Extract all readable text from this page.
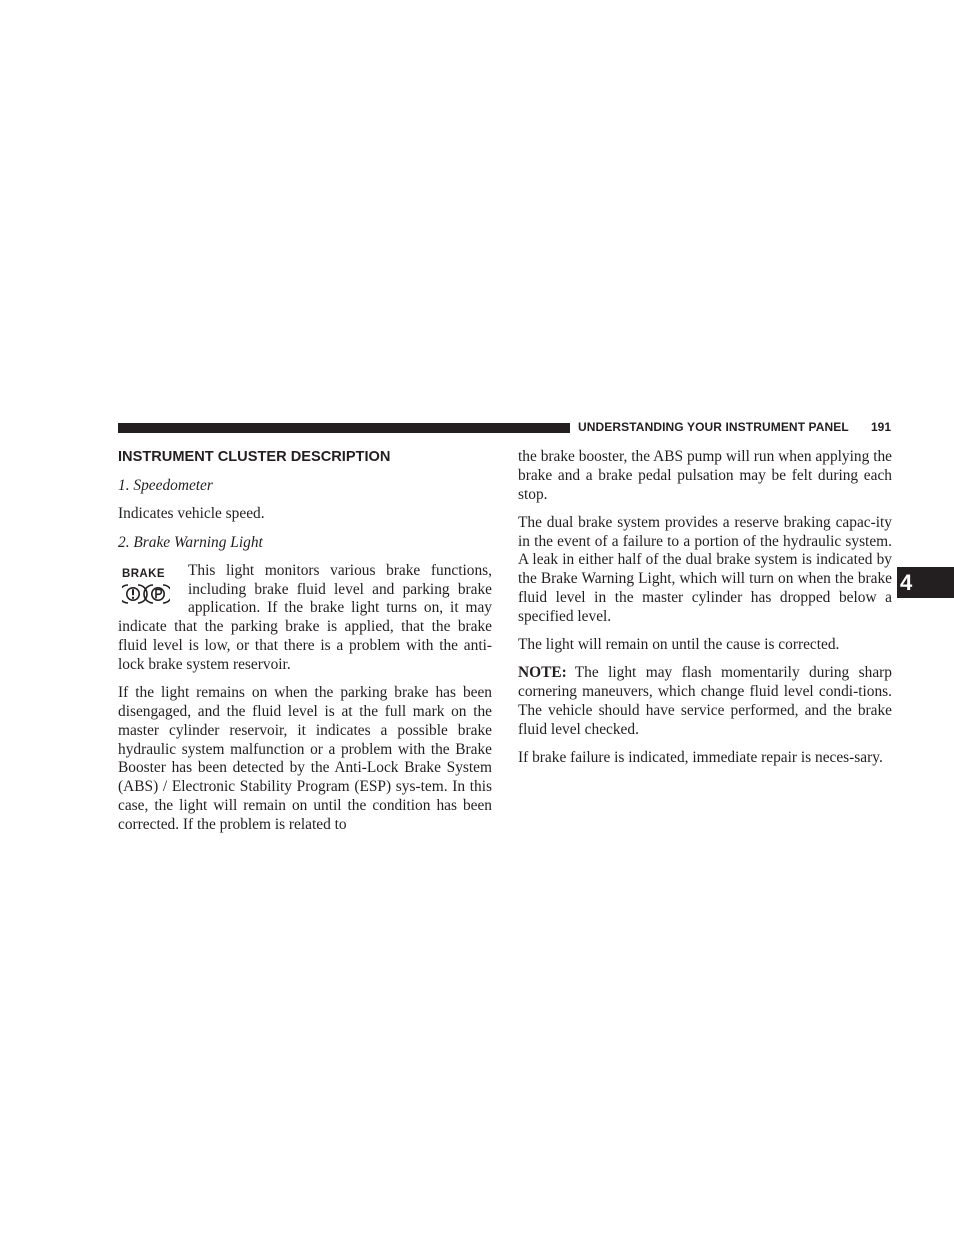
UNDERSTANDING YOUR INSTRUMENT PANEL 191
4
INSTRUMENT CLUSTER DESCRIPTION

1. Speedometer

Indicates vehicle speed.

2. Brake Warning Light

BRAKE	This light monitors various brake functions, including brake fluid level and parking brake application. If the brake light turns on, it may indicate that the parking brake is applied, that the brake fluid level is low, or that there is a problem with the anti-lock brake system reservoir.

If the light remains on when the parking brake has been disengaged, and the fluid level is at the full mark on the master cylinder reservoir, it indicates a possible brake hydraulic system malfunction or a problem with the Brake Booster has been detected by the Anti-Lock Brake System (ABS) / Electronic Stability Program (ESP) sys-tem. In this case, the light will remain on until the condition has been corrected. If the problem is related to

the brake booster, the ABS pump will run when applying the brake and a brake pedal pulsation may be felt during each stop.

The dual brake system provides a reserve braking capac-ity in the event of a failure to a portion of the hydraulic system. A leak in either half of the dual brake system is indicated by the Brake Warning Light, which will turn on when the brake fluid level in the master cylinder has dropped below a specified level.

The light will remain on until the cause is corrected.

NOTE: The light may flash momentarily during sharp cornering maneuvers, which change fluid level condi-tions. The vehicle should have service performed, and the brake fluid level checked.

If brake failure is indicated, immediate repair is neces-sary.
